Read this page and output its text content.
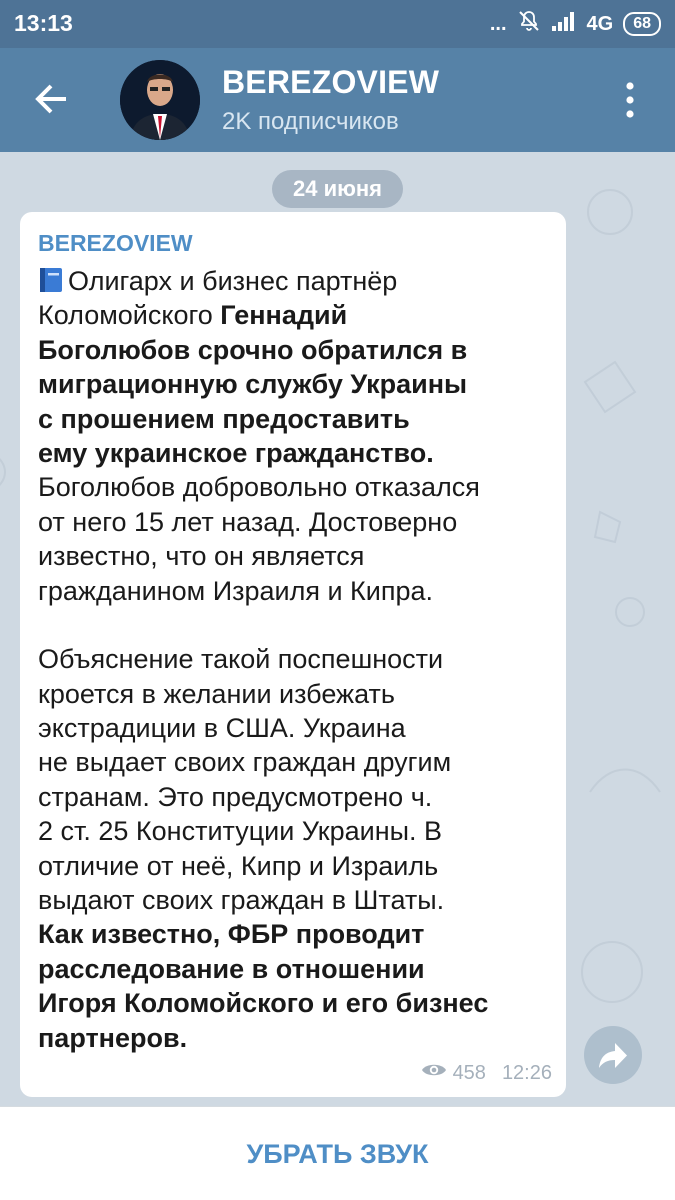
13:13	...	4G	68
BEREZOVIEW
2K подписчиков
24 июня
BEREZOVIEW
Олигарх и бизнес партнёр
Коломойского Геннадий
Боголюбов срочно обратился в
миграционную службу Украины
с прошением предоставить
ему украинское гражданство.
Боголюбов добровольно отказался
от него 15 лет назад. Достоверно
известно, что он является
гражданином Израиля и Кипра.
Объяснение такой поспешности
кроется в желании избежать
экстрадиции в США. Украина
не выдает своих граждан другим
странам. Это предусмотрено ч.
2 ст. 25 Конституции Украины. В
отличие от неё, Кипр и Израиль
выдают своих граждан в Штаты.
Как известно, ФБР проводит
расследование в отношении
Игоря Коломойского и его бизнес
партнеров.
458 12:26
УБРАТЬ ЗВУК
